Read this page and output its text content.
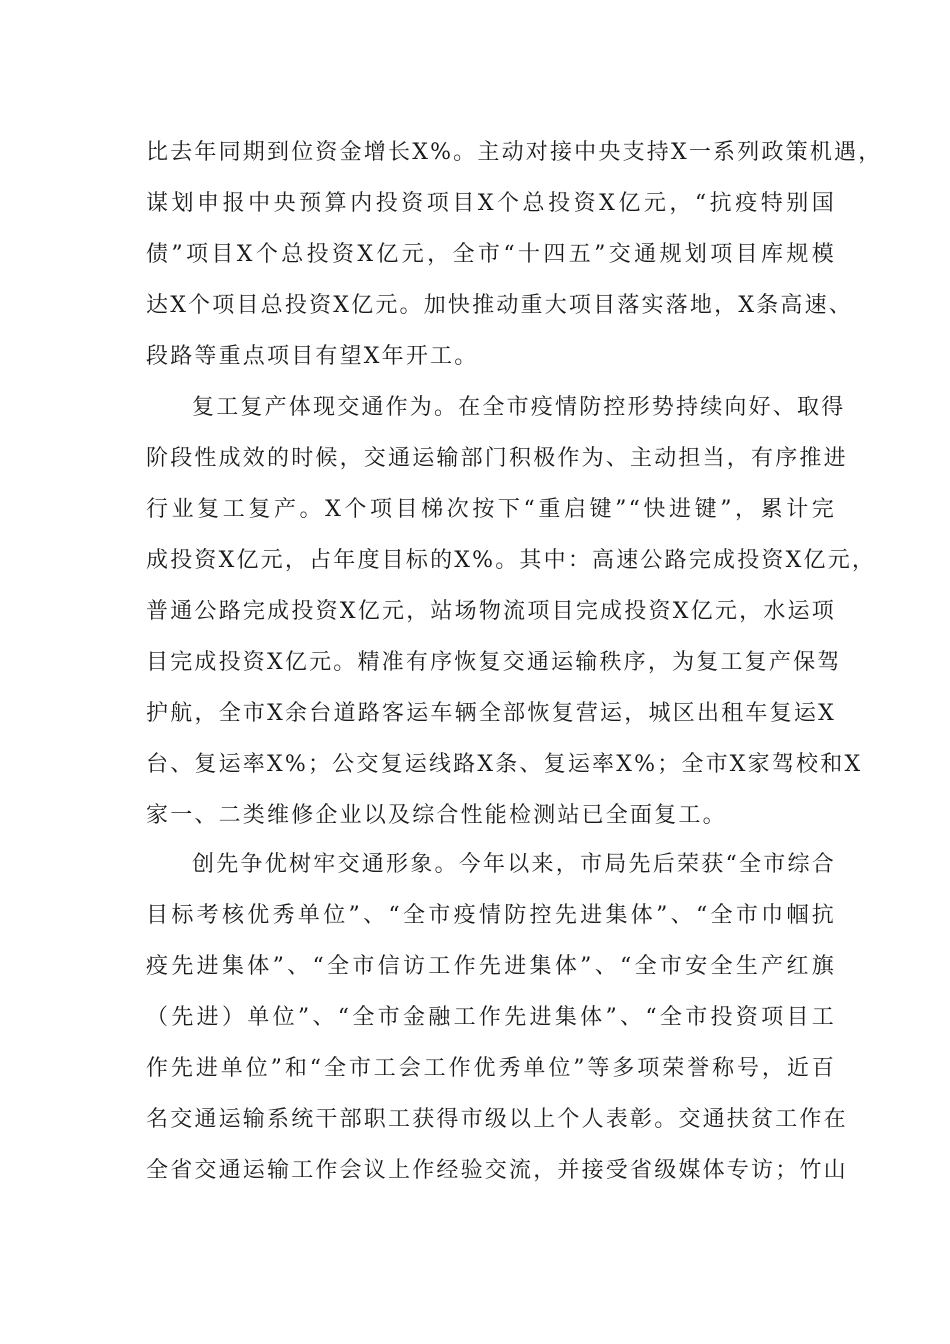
比去年同期到位资金增长X%。主动对接中央支持X一系列政策机遇，
谋划申报中央预算内投资项目X个总投资X亿元，“抗疫特别国
债”项目X个总投资X亿元，全市“十四五”交通规划项目库规模
达X个项目总投资X亿元。加快推动重大项目落实落地，X条高速、
段路等重点项目有望X年开工。
复工复产体现交通作为。在全市疫情防控形势持续向好、取得
阶段性成效的时候，交通运输部门积极作为、主动担当，有序推进
行业复工复产。X个项目梯次按下“重启键”“快进键”，累计完
成投资X亿元，占年度目标的X%。其中：高速公路完成投资X亿元，
普通公路完成投资X亿元，站场物流项目完成投资X亿元，水运项
目完成投资X亿元。精准有序恢复交通运输秩序，为复工复产保驾
护航，全市X余台道路客运车辆全部恢复营运，城区出租车复运X
台、复运率X%；公交复运线路X条、复运率X%；全市X家驾校和X
家一、二类维修企业以及综合性能检测站已全面复工。
创先争优树牢交通形象。今年以来，市局先后荣获“全市综合
目标考核优秀单位”、“全市疫情防控先进集体”、“全市巾帼抗
疫先进集体”、“全市信访工作先进集体”、“全市安全生产红旗
（先进）单位”、“全市金融工作先进集体”、“全市投资项目工
作先进单位”和“全市工会工作优秀单位”等多项荣誉称号，近百
名交通运输系统干部职工获得市级以上个人表彰。交通扶贫工作在
全省交通运输工作会议上作经验交流，并接受省级媒体专访；竹山
